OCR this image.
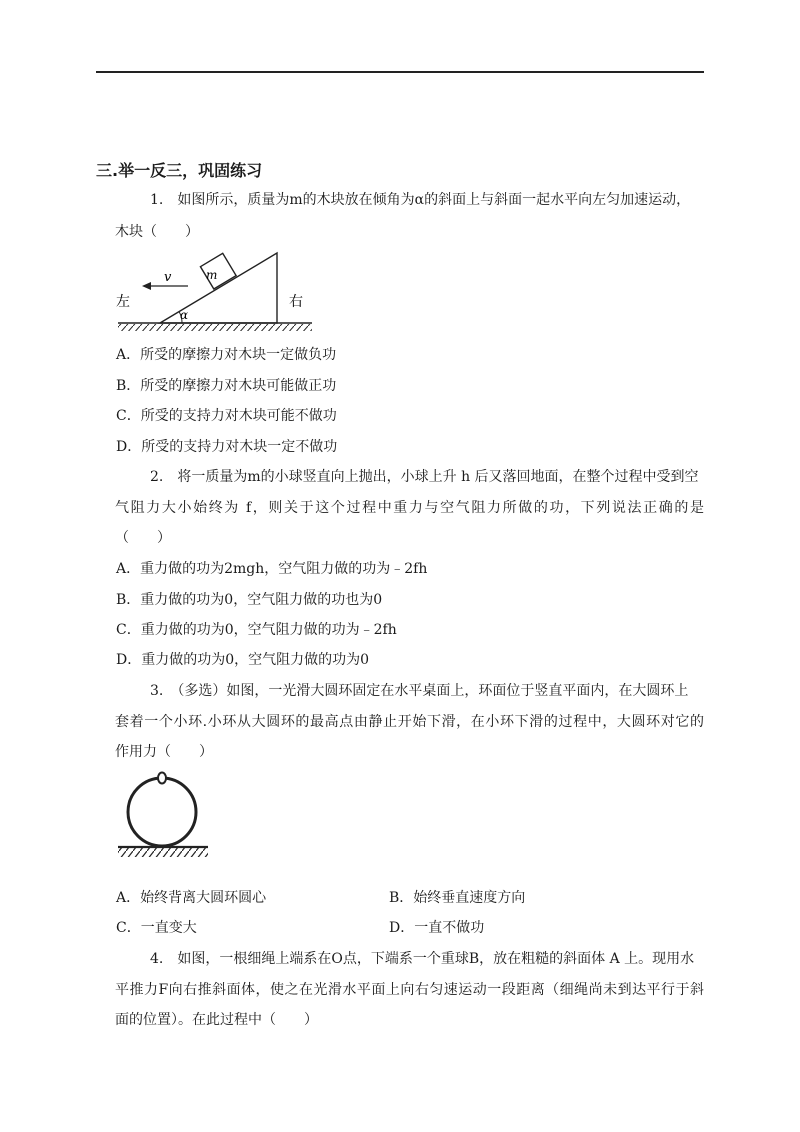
三.举一反三，巩固练习
1.　如图所示，质量为m的木块放在倾角为α的斜面上与斜面一起水平向左匀加速运动，
木块（　　）
v	m
左	右
α
A．所受的摩擦力对木块一定做负功
B．所受的摩擦力对木块可能做正功
C．所受的支持力对木块可能不做功
D．所受的支持力对木块一定不做功
2.　将一质量为m的小球竖直向上抛出，小球上升 h 后又落回地面，在整个过程中受到空
气阻力大小始终为 f，则关于这个过程中重力与空气阻力所做的功，下列说法正确的是
（　　）
A．重力做的功为2mgh，空气阻力做的功为﹣2fh
B．重力做的功为0，空气阻力做的功也为0
C．重力做的功为0，空气阻力做的功为﹣2fh
D．重力做的功为0，空气阻力做的功为0
3.　（多选）如图，一光滑大圆环固定在水平桌面上，环面位于竖直平面内，在大圆环上
套着一个小环.小环从大圆环的最高点由静止开始下滑，在小环下滑的过程中，大圆环对它的
作用力（　　）
A．始终背离大圆环圆心	B．始终垂直速度方向
C．一直变大	D．一直不做功
4.　如图，一根细绳上端系在O点，下端系一个重球B，放在粗糙的斜面体 A 上。现用水
平推力F向右推斜面体，使之在光滑水平面上向右匀速运动一段距离（细绳尚未到达平行于斜
面的位置）。在此过程中（　　）
